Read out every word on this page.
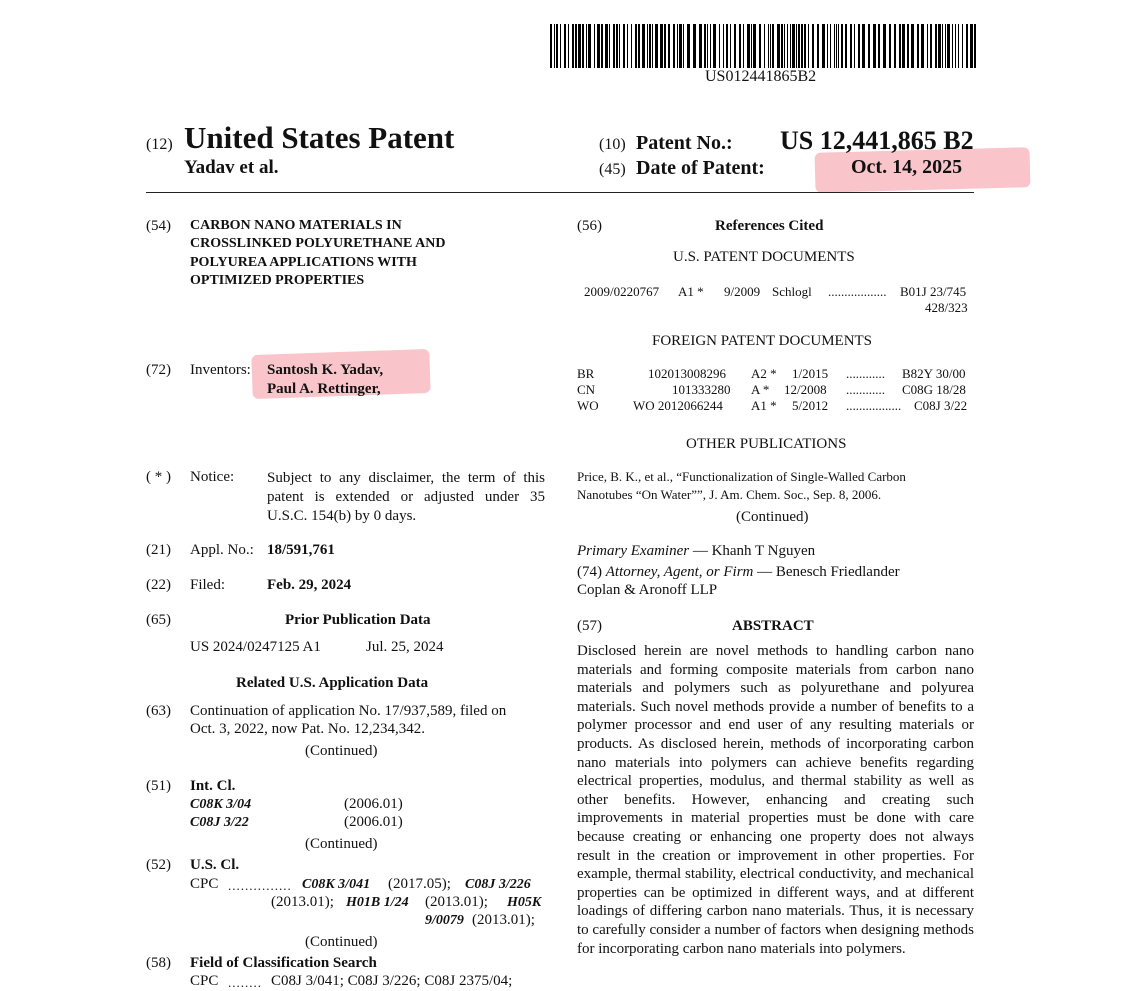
US012441865B2
(12) United States Patent
Yadav et al.
(10) Patent No.: US 12,441,865 B2
(45) Date of Patent:	Oct. 14, 2025
(54) CARBON NANO MATERIALS IN
CROSSLINKED POLYURETHANE AND
POLYUREA APPLICATIONS WITH
OPTIMIZED PROPERTIES
(72) Inventors: Santosh K. Yadav,
Paul A. Rettinger,
( * ) Notice: Subject to any disclaimer, the term of this patent is extended or adjusted under 35 U.S.C. 154(b) by 0 days.
(21) Appl. No.: 18/591,761
(22) Filed:	Feb. 29, 2024
(65)	Prior Publication Data
US 2024/0247125 A1	Jul. 25, 2024
Related U.S. Application Data
(63) Continuation of application No. 17/937,589, filed on
Oct. 3, 2022, now Pat. No. 12,234,342.
(Continued)
(51) Int. Cl.
C08K 3/04	(2006.01)
C08J 3/22	(2006.01)
(Continued)
(52) U.S. Cl.
CPC ............... C08K 3/041 (2017.05); C08J 3/226
(2013.01); H01B 1/24 (2013.01); H05K
9/0079 (2013.01);
(Continued)
(58) Field of Classification Search
CPC ........ C08J 3/041; C08J 3/226; C08J 2375/04;
(56)	References Cited
U.S. PATENT DOCUMENTS
2009/0220767 A1 * 9/2009 Schlogl .................. B01J 23/745
428/323
FOREIGN PATENT DOCUMENTS
BR	102013008296 A2 * 1/2015 ............ B82Y 30/00
CN	101333280 A * 12/2008 ............ C08G 18/28
WO	WO 2012066244 A1 * 5/2012 ................. C08J 3/22
OTHER PUBLICATIONS
Price, B. K., et al., “Functionalization of Single-Walled Carbon
Nanotubes “On Water””, J. Am. Chem. Soc., Sep. 8, 2006.
(Continued)
Primary Examiner — Khanh T Nguyen
(74) Attorney, Agent, or Firm — Benesch Friedlander
Coplan & Aronoff LLP
(57)	ABSTRACT
Disclosed herein are novel methods to handling carbon nano materials and forming composite materials from carbon nano materials and polymers such as polyurethane and polyurea materials. Such novel methods provide a number of benefits to a polymer processor and end user of any resulting materials or products. As disclosed herein, methods of incorporating carbon nano materials into polymers can achieve benefits regarding electrical properties, modulus, and thermal stability as well as other benefits. However, enhancing and creating such improvements in material properties must be done with care because creating or enhancing one property does not always result in the creation or improvement in other properties. For example, thermal stability, electrical conductivity, and mechanical properties can be optimized in different ways, and at different loadings of differing carbon nano materials. Thus, it is necessary to carefully consider a number of factors when designing methods for incorporating carbon nano materials into polymers.
